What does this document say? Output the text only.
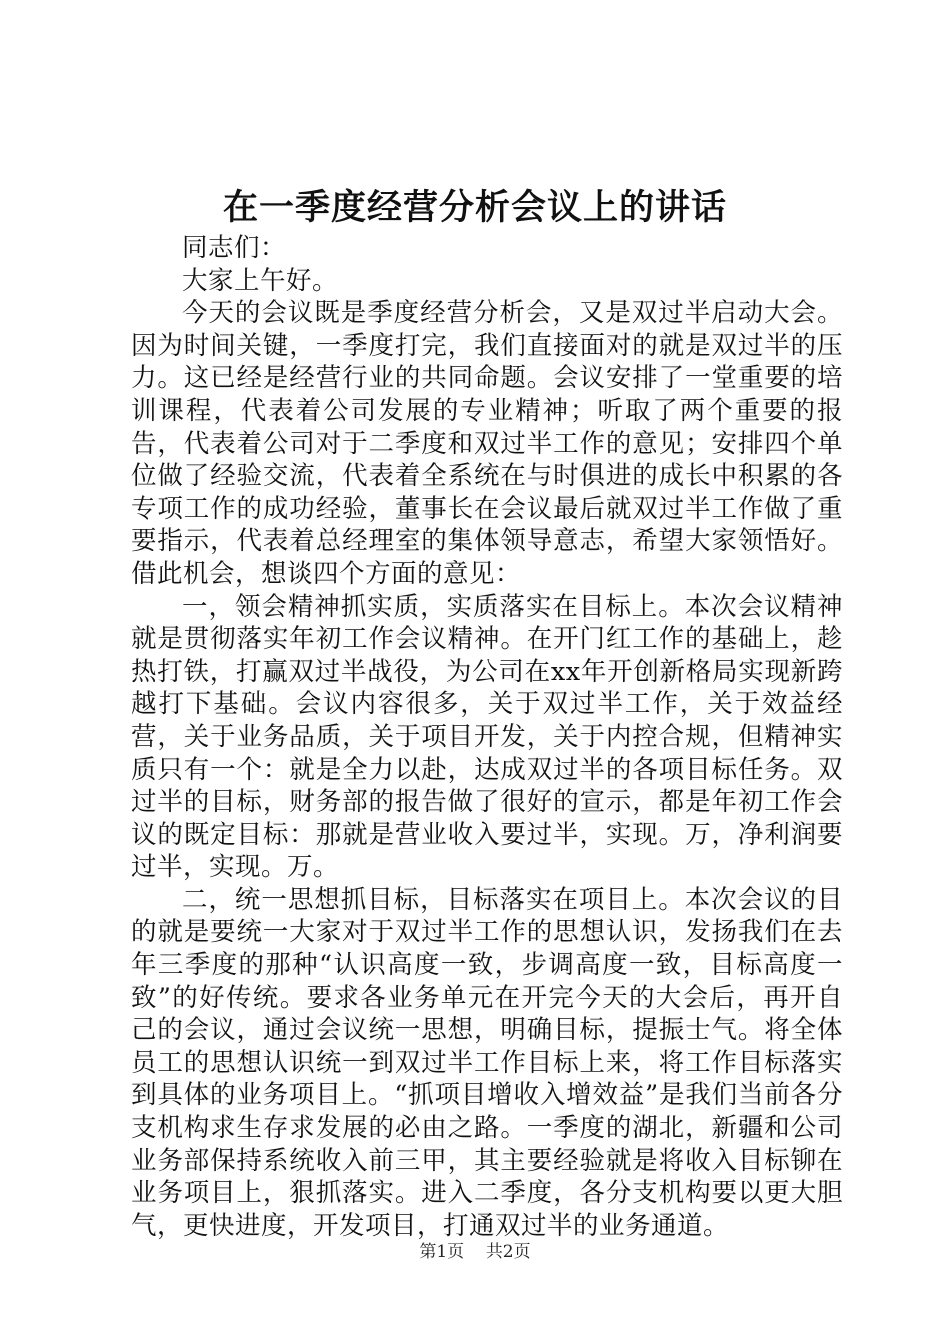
在一季度经营分析会议上的讲话

同志们：

大家上午好。

今天的会议既是季度经营分析会，又是双过半启动大会。因为时间关键，一季度打完，我们直接面对的就是双过半的压力。这已经是经营行业的共同命题。会议安排了一堂重要的培训课程，代表着公司发展的专业精神；听取了两个重要的报告，代表着公司对于二季度和双过半工作的意见；安排四个单位做了经验交流，代表着全系统在与时俱进的成长中积累的各专项工作的成功经验，董事长在会议最后就双过半工作做了重要指示，代表着总经理室的集体领导意志，希望大家领悟好。借此机会，想谈四个方面的意见：

一，领会精神抓实质，实质落实在目标上。本次会议精神就是贯彻落实年初工作会议精神。在开门红工作的基础上，趁热打铁，打赢双过半战役，为公司在xx年开创新格局实现新跨越打下基础。会议内容很多，关于双过半工作，关于效益经营，关于业务品质，关于项目开发，关于内控合规，但精神实质只有一个：就是全力以赴，达成双过半的各项目标任务。双过半的目标，财务部的报告做了很好的宣示，都是年初工作会议的既定目标：那就是营业收入要过半，实现。万，净利润要过半，实现。万。

二，统一思想抓目标，目标落实在项目上。本次会议的目的就是要统一大家对于双过半工作的思想认识，发扬我们在去年三季度的那种“认识高度一致，步调高度一致，目标高度一致”的好传统。要求各业务单元在开完今天的大会后，再开自己的会议，通过会议统一思想，明确目标，提振士气。将全体员工的思想认识统一到双过半工作目标上来，将工作目标落实到具体的业务项目上。“抓项目增收入增效益”是我们当前各分支机构求生存求发展的必由之路。一季度的湖北，新疆和公司业务部保持系统收入前三甲，其主要经验就是将收入目标铆在业务项目上，狠抓落实。进入二季度，各分支机构要以更大胆气，更快进度，开发项目，打通双过半的业务通道。

第1页 共2页
